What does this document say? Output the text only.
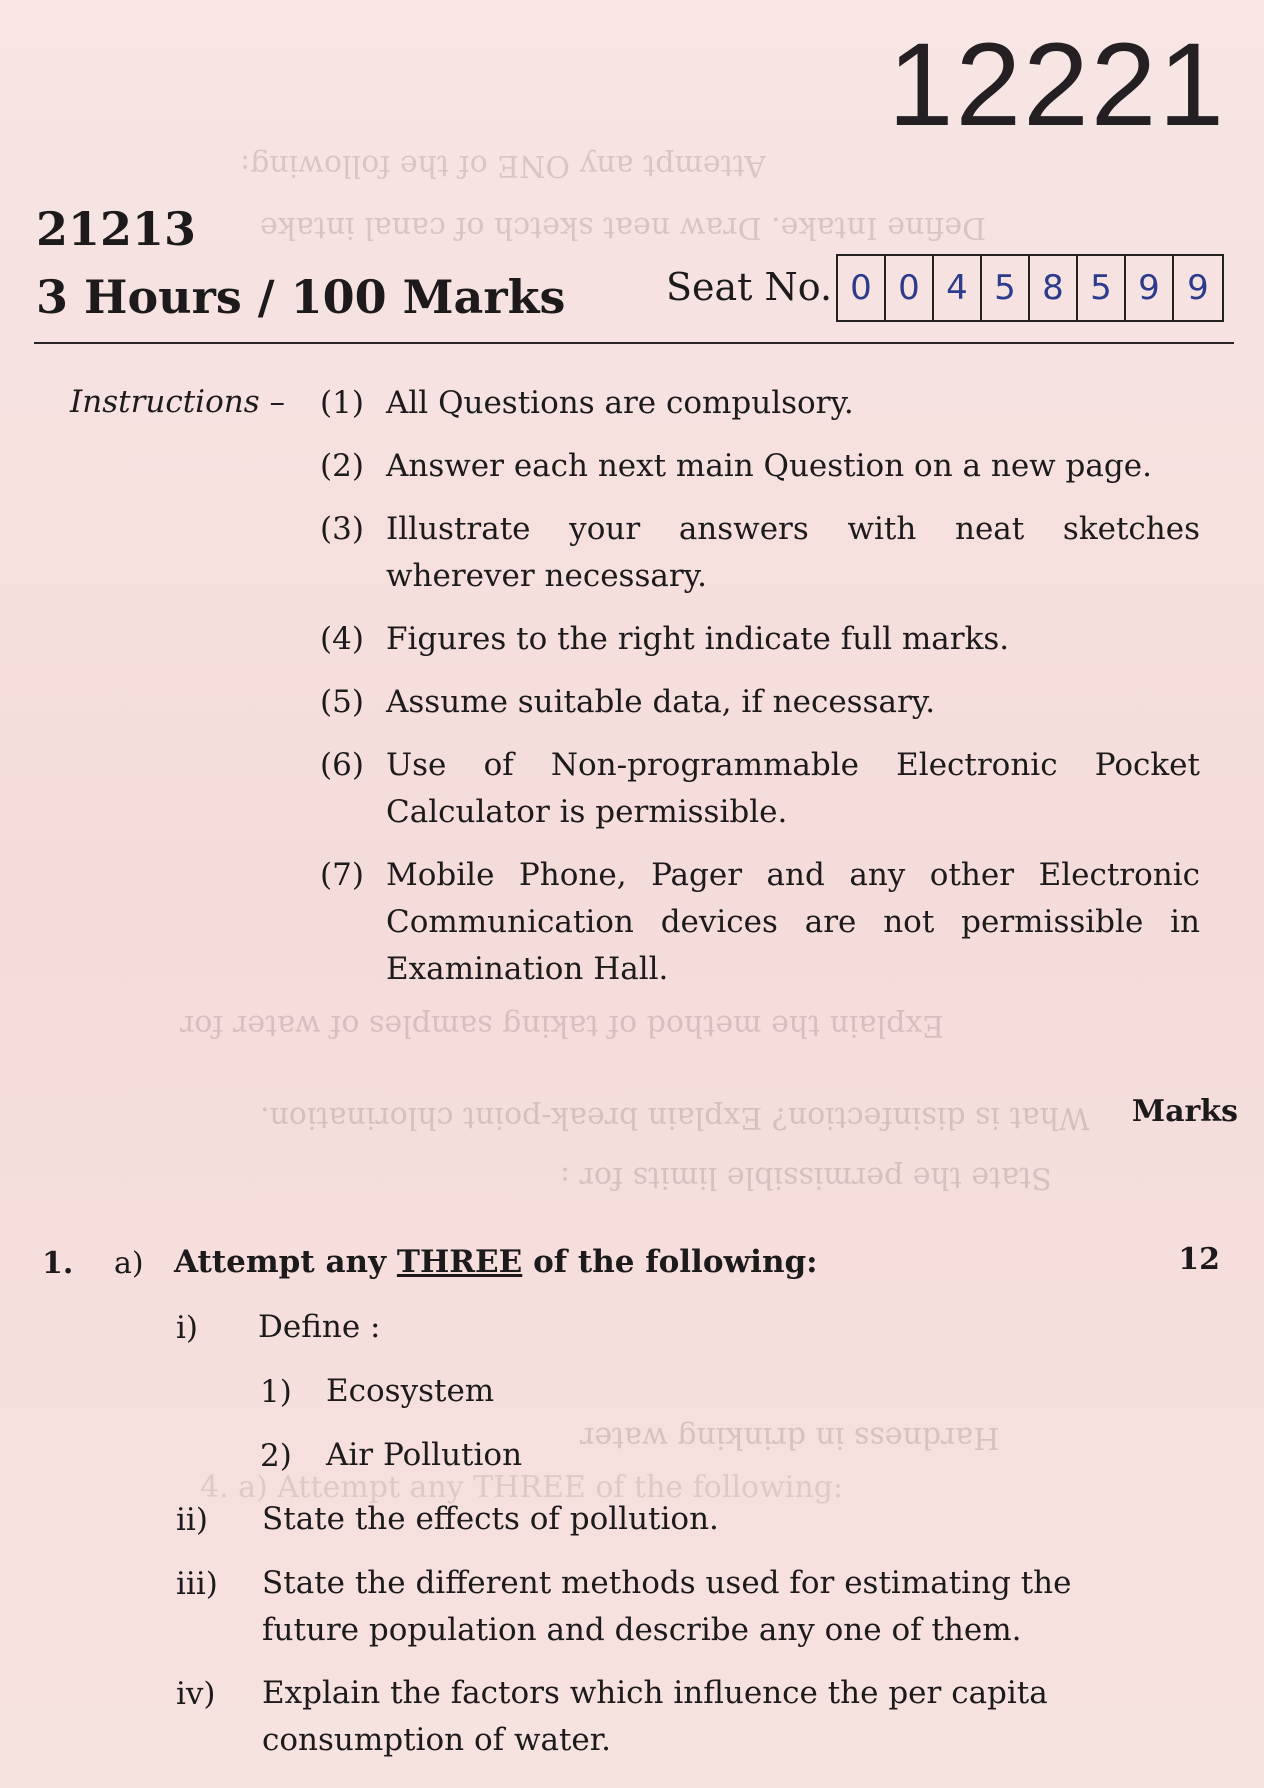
Attempt any ONE of the following:
Define Intake. Draw neat sketch of canal intake
Explain the method of taking samples of water for
What is disinfection? Explain break-point chlorination.
State the permissible limits for :
Hardness in drinking water
4. a) Attempt any THREE of the following:
12221
21213
3 Hours / 100 Marks	Seat No. 0 0 4 5 8 5 9 9
Instructions – (1) All Questions are compulsory.
(2) Answer each next main Question on a new page.
(3) Illustrate your answers with neat sketches wherever necessary.
(4) Figures to the right indicate full marks.
(5) Assume suitable data, if necessary.
(6) Use of Non-programmable Electronic Pocket Calculator is permissible.
(7) Mobile Phone, Pager and any other Electronic Communication devices are not permissible in Examination Hall.
Marks
1. a) Attempt any THREE of the following:	12
i) Define :
1) Ecosystem
2) Air Pollution
ii) State the effects of pollution.
iii) State the different methods used for estimating the future population and describe any one of them.
iv) Explain the factors which influence the per capita consumption of water.
